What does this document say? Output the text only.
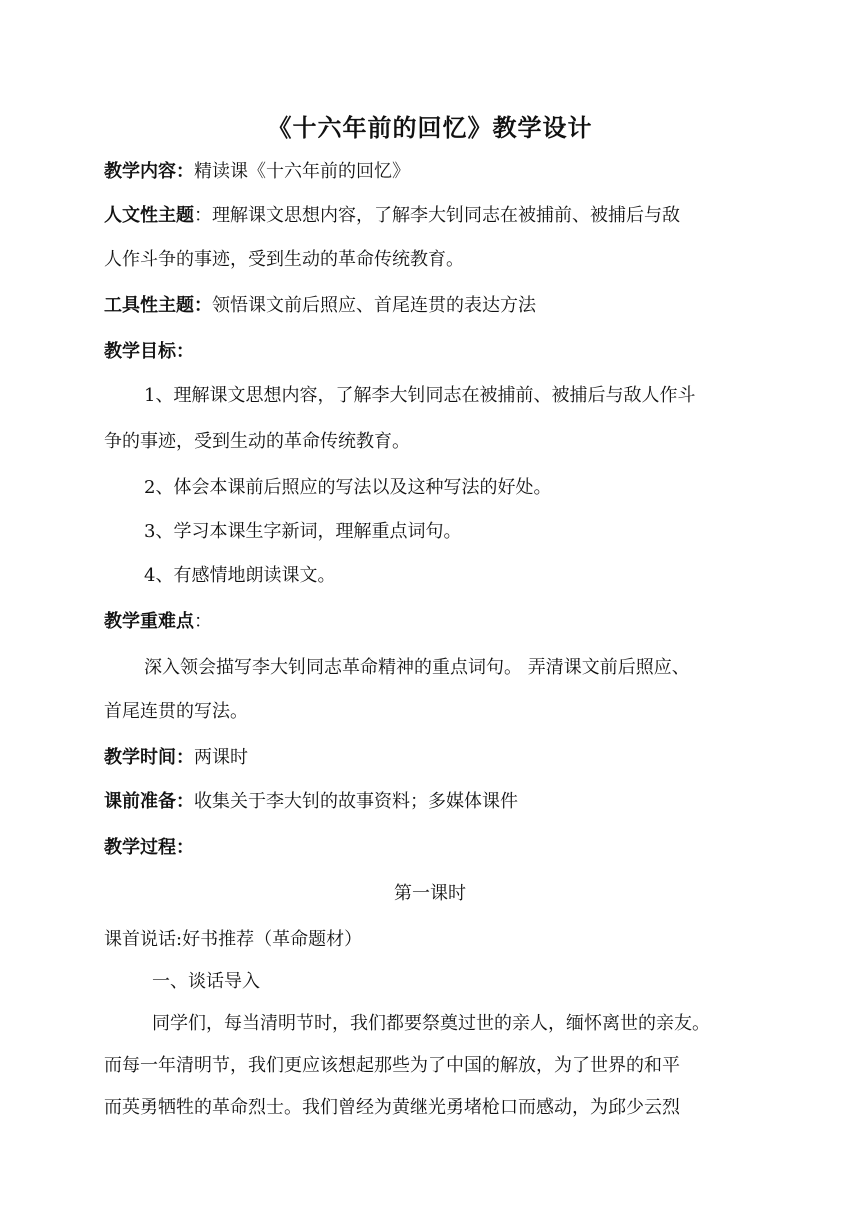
《十六年前的回忆》教学设计
教学内容：精读课《十六年前的回忆》
人文性主题：理解课文思想内容，了解李大钊同志在被捕前、被捕后与敌
人作斗争的事迹，受到生动的革命传统教育。
工具性主题：领悟课文前后照应、首尾连贯的表达方法
教学目标：
1、理解课文思想内容，了解李大钊同志在被捕前、被捕后与敌人作斗
争的事迹，受到生动的革命传统教育。
2、体会本课前后照应的写法以及这种写法的好处。
3、学习本课生字新词，理解重点词句。
4、有感情地朗读课文。
教学重难点：
深入领会描写李大钊同志革命精神的重点词句。 弄清课文前后照应、
首尾连贯的写法。
教学时间：两课时
课前准备：收集关于李大钊的故事资料；多媒体课件
教学过程：
第一课时
课首说话:好书推荐（革命题材）
一、谈话导入
同学们，每当清明节时，我们都要祭奠过世的亲人，缅怀离世的亲友。
而每一年清明节，我们更应该想起那些为了中国的解放，为了世界的和平
而英勇牺牲的革命烈士。我们曾经为黄继光勇堵枪口而感动，为邱少云烈
